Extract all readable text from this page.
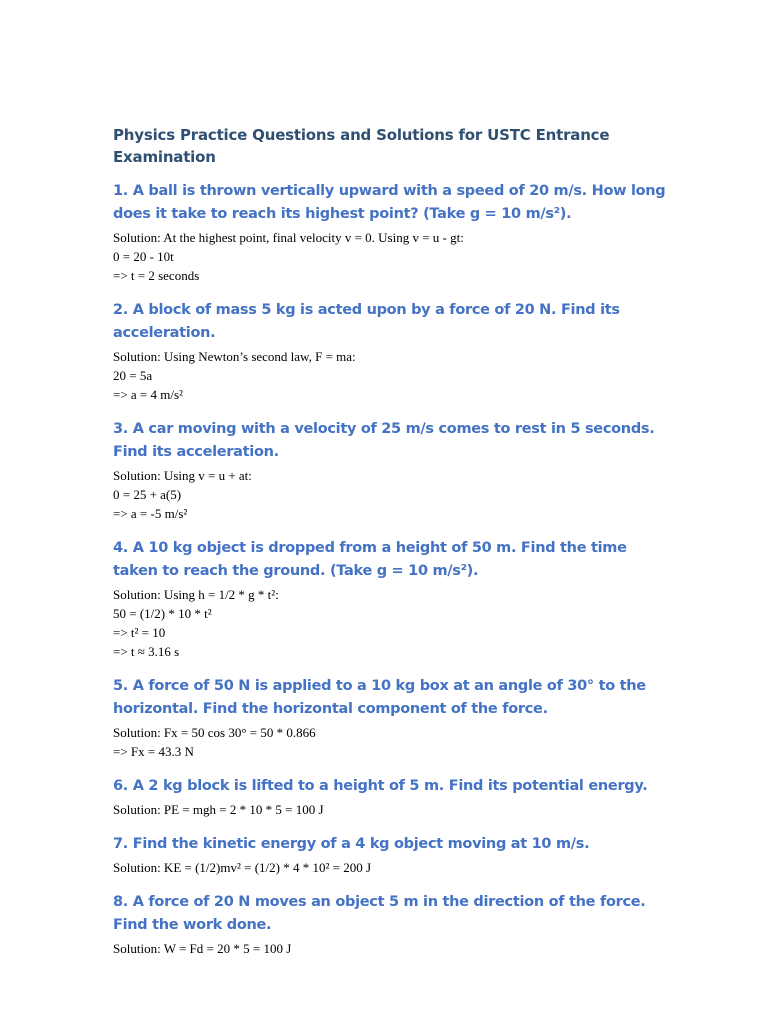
Physics Practice Questions and Solutions for USTC Entrance Examination

1. A ball is thrown vertically upward with a speed of 20 m/s. How long does it take to reach its highest point? (Take g = 10 m/s²).

Solution: At the highest point, final velocity v = 0. Using v = u - gt:
0 = 20 - 10t
=> t = 2 seconds

2. A block of mass 5 kg is acted upon by a force of 20 N. Find its acceleration.

Solution: Using Newton’s second law, F = ma:
20 = 5a
=> a = 4 m/s²

3. A car moving with a velocity of 25 m/s comes to rest in 5 seconds. Find its acceleration.

Solution: Using v = u + at:
0 = 25 + a(5)
=> a = -5 m/s²

4. A 10 kg object is dropped from a height of 50 m. Find the time taken to reach the ground. (Take g = 10 m/s²).

Solution: Using h = 1/2 * g * t²:
50 = (1/2) * 10 * t²
=> t² = 10
=> t ≈ 3.16 s

5. A force of 50 N is applied to a 10 kg box at an angle of 30° to the horizontal. Find the horizontal component of the force.

Solution: Fx = 50 cos 30° = 50 * 0.866
=> Fx = 43.3 N

6. A 2 kg block is lifted to a height of 5 m. Find its potential energy.

Solution: PE = mgh = 2 * 10 * 5 = 100 J

7. Find the kinetic energy of a 4 kg object moving at 10 m/s.

Solution: KE = (1/2)mv² = (1/2) * 4 * 10² = 200 J

8. A force of 20 N moves an object 5 m in the direction of the force. Find the work done.

Solution: W = Fd = 20 * 5 = 100 J
